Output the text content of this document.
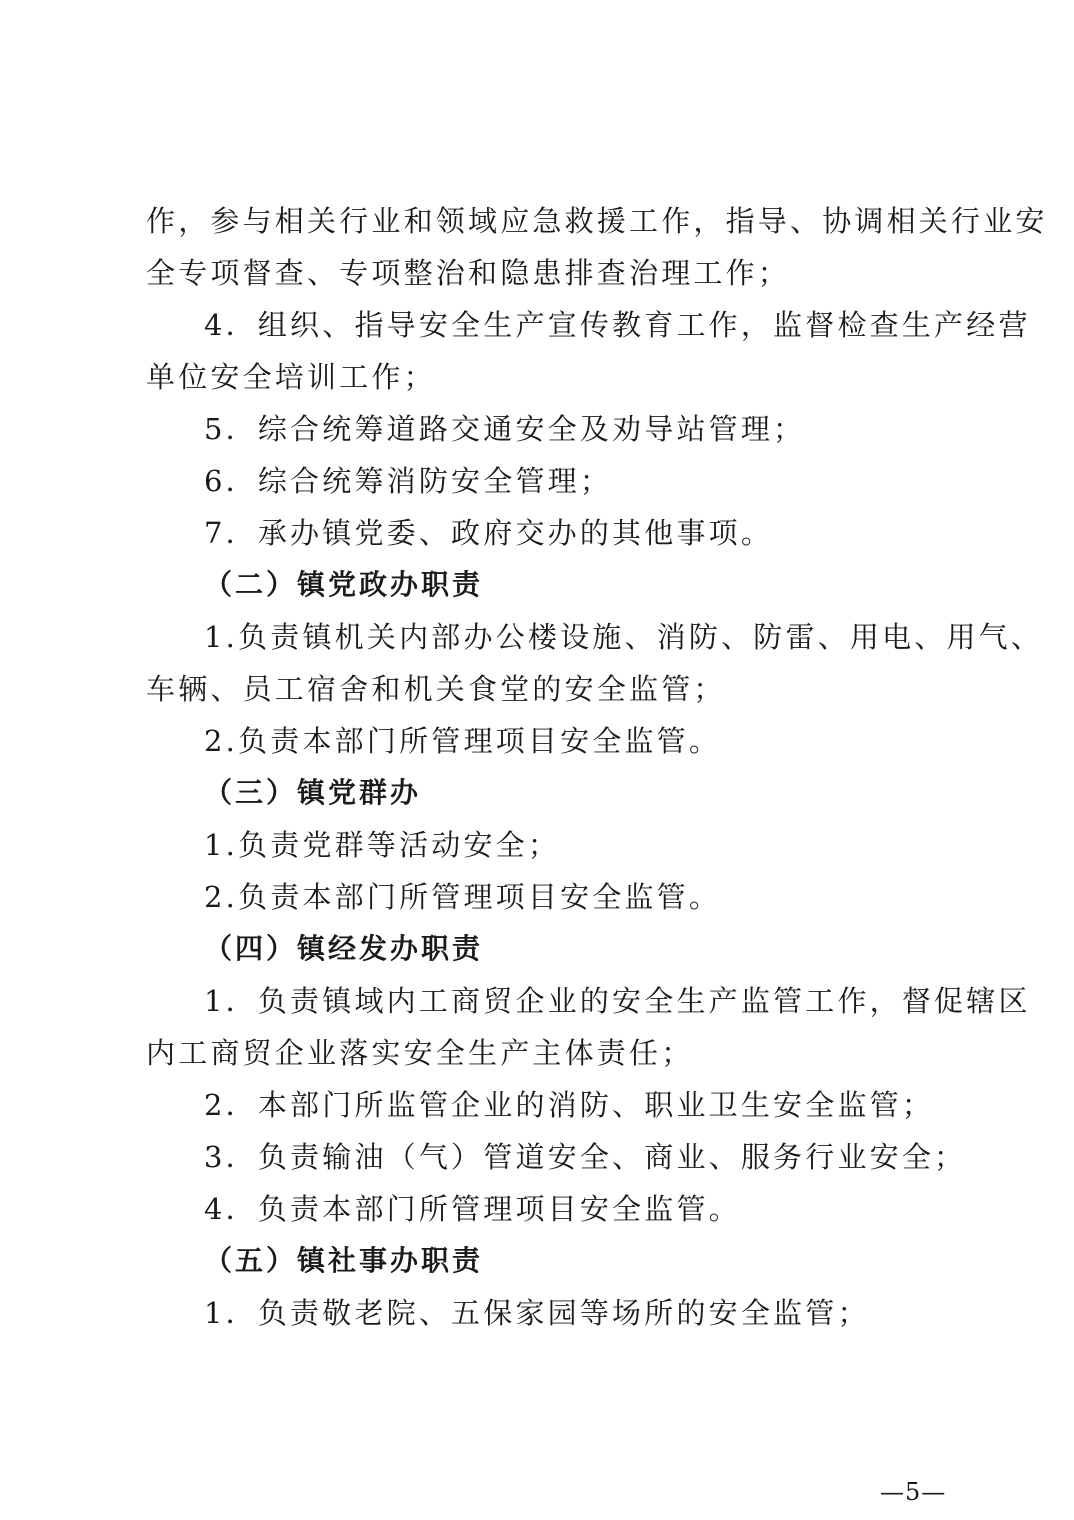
作，参与相关行业和领域应急救援工作，指导、协调相关行业安
全专项督查、专项整治和隐患排查治理工作；
4．组织、指导安全生产宣传教育工作，监督检查生产经营
单位安全培训工作；
5．综合统筹道路交通安全及劝导站管理；
6．综合统筹消防安全管理；
7．承办镇党委、政府交办的其他事项。
（二）镇党政办职责
1.负责镇机关内部办公楼设施、消防、防雷、用电、用气、
车辆、员工宿舍和机关食堂的安全监管；
2.负责本部门所管理项目安全监管。
（三）镇党群办
1.负责党群等活动安全；
2.负责本部门所管理项目安全监管。
（四）镇经发办职责
1．负责镇域内工商贸企业的安全生产监管工作，督促辖区
内工商贸企业落实安全生产主体责任；
2．本部门所监管企业的消防、职业卫生安全监管；
3．负责输油（气）管道安全、商业、服务行业安全；
4．负责本部门所管理项目安全监管。
（五）镇社事办职责
1．负责敬老院、五保家园等场所的安全监管；
—5—
